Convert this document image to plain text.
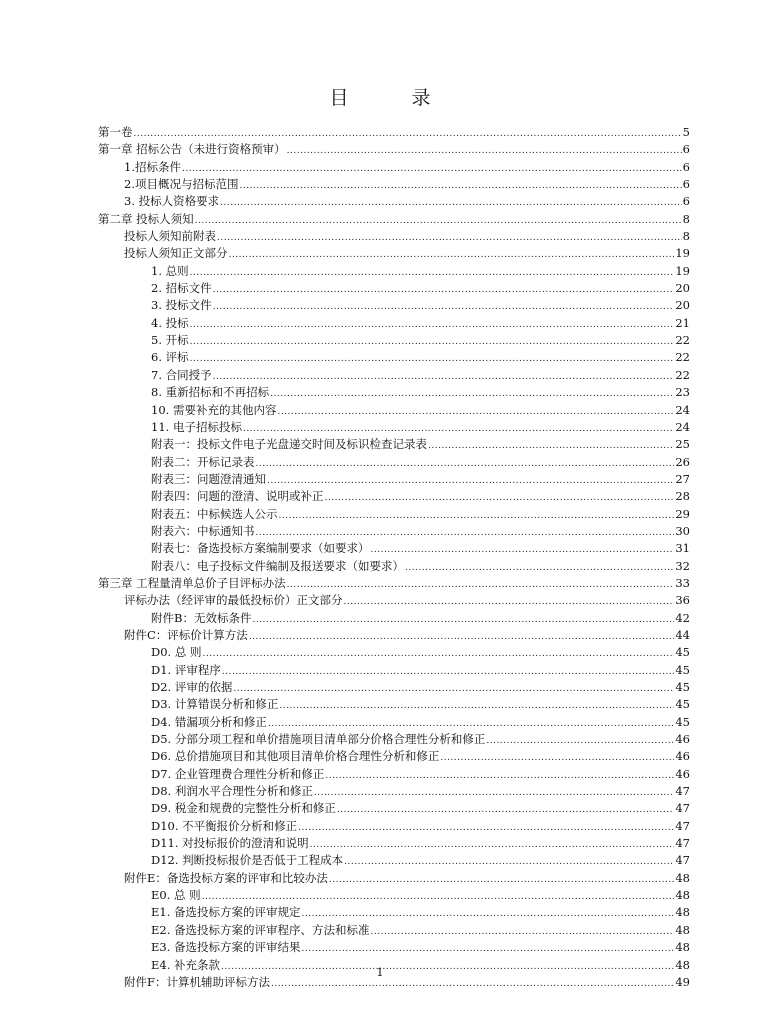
目　录
第一卷 .....	5
第一章 招标公告（未进行资格预审） .....	6
1.招标条件 .....	6
2.项目概况与招标范围 .....	6
3. 投标人资格要求 .....	6
第二章 投标人须知 .....	8
投标人须知前附表 .....	8
投标人须知正文部分 .....	19
1. 总则 .....	19
2. 招标文件 .....	20
3. 投标文件 .....	20
4. 投标 .....	21
5. 开标 .....	22
6. 评标 .....	22
7. 合同授予 .....	22
8. 重新招标和不再招标 .....	23
10. 需要补充的其他内容 .....	24
11. 电子招标投标 .....	24
附表一：投标文件电子光盘递交时间及标识检查记录表 .....	25
附表二：开标记录表 .....	26
附表三：问题澄清通知 .....	27
附表四：问题的澄清、说明或补正 .....	28
附表五：中标候选人公示 .....	29
附表六：中标通知书 .....	30
附表七：备选投标方案编制要求（如要求） .....	31
附表八：电子投标文件编制及报送要求（如要求） .....	32
第三章 工程量清单总价子目评标办法 .....	33
评标办法（经评审的最低投标价）正文部分 .....	36
附件B：无效标条件 .....	42
附件C：评标价计算方法 .....	44
D0. 总 则 .....	45
D1. 评审程序 .....	45
D2. 评审的依据 .....	45
D3. 计算错误分析和修正 .....	45
D4. 错漏项分析和修正 .....	45
D5. 分部分项工程和单价措施项目清单部分价格合理性分析和修正 .....	46
D6. 总价措施项目和其他项目清单价格合理性分析和修正 .....	46
D7. 企业管理费合理性分析和修正 .....	46
D8. 利润水平合理性分析和修正 .....	47
D9. 税金和规费的完整性分析和修正 .....	47
D10. 不平衡报价分析和修正 .....	47
D11. 对投标报价的澄清和说明 .....	47
D12. 判断投标报价是否低于工程成本 .....	47
附件E：备选投标方案的评审和比较办法 .....	48
E0. 总 则 .....	48
E1. 备选投标方案的评审规定 .....	48
E2. 备选投标方案的评审程序、方法和标准 .....	48
E3. 备选投标方案的评审结果 .....	48
E4. 补充条款 .....	48
附件F：计算机辅助评标方法 .....	49
1
